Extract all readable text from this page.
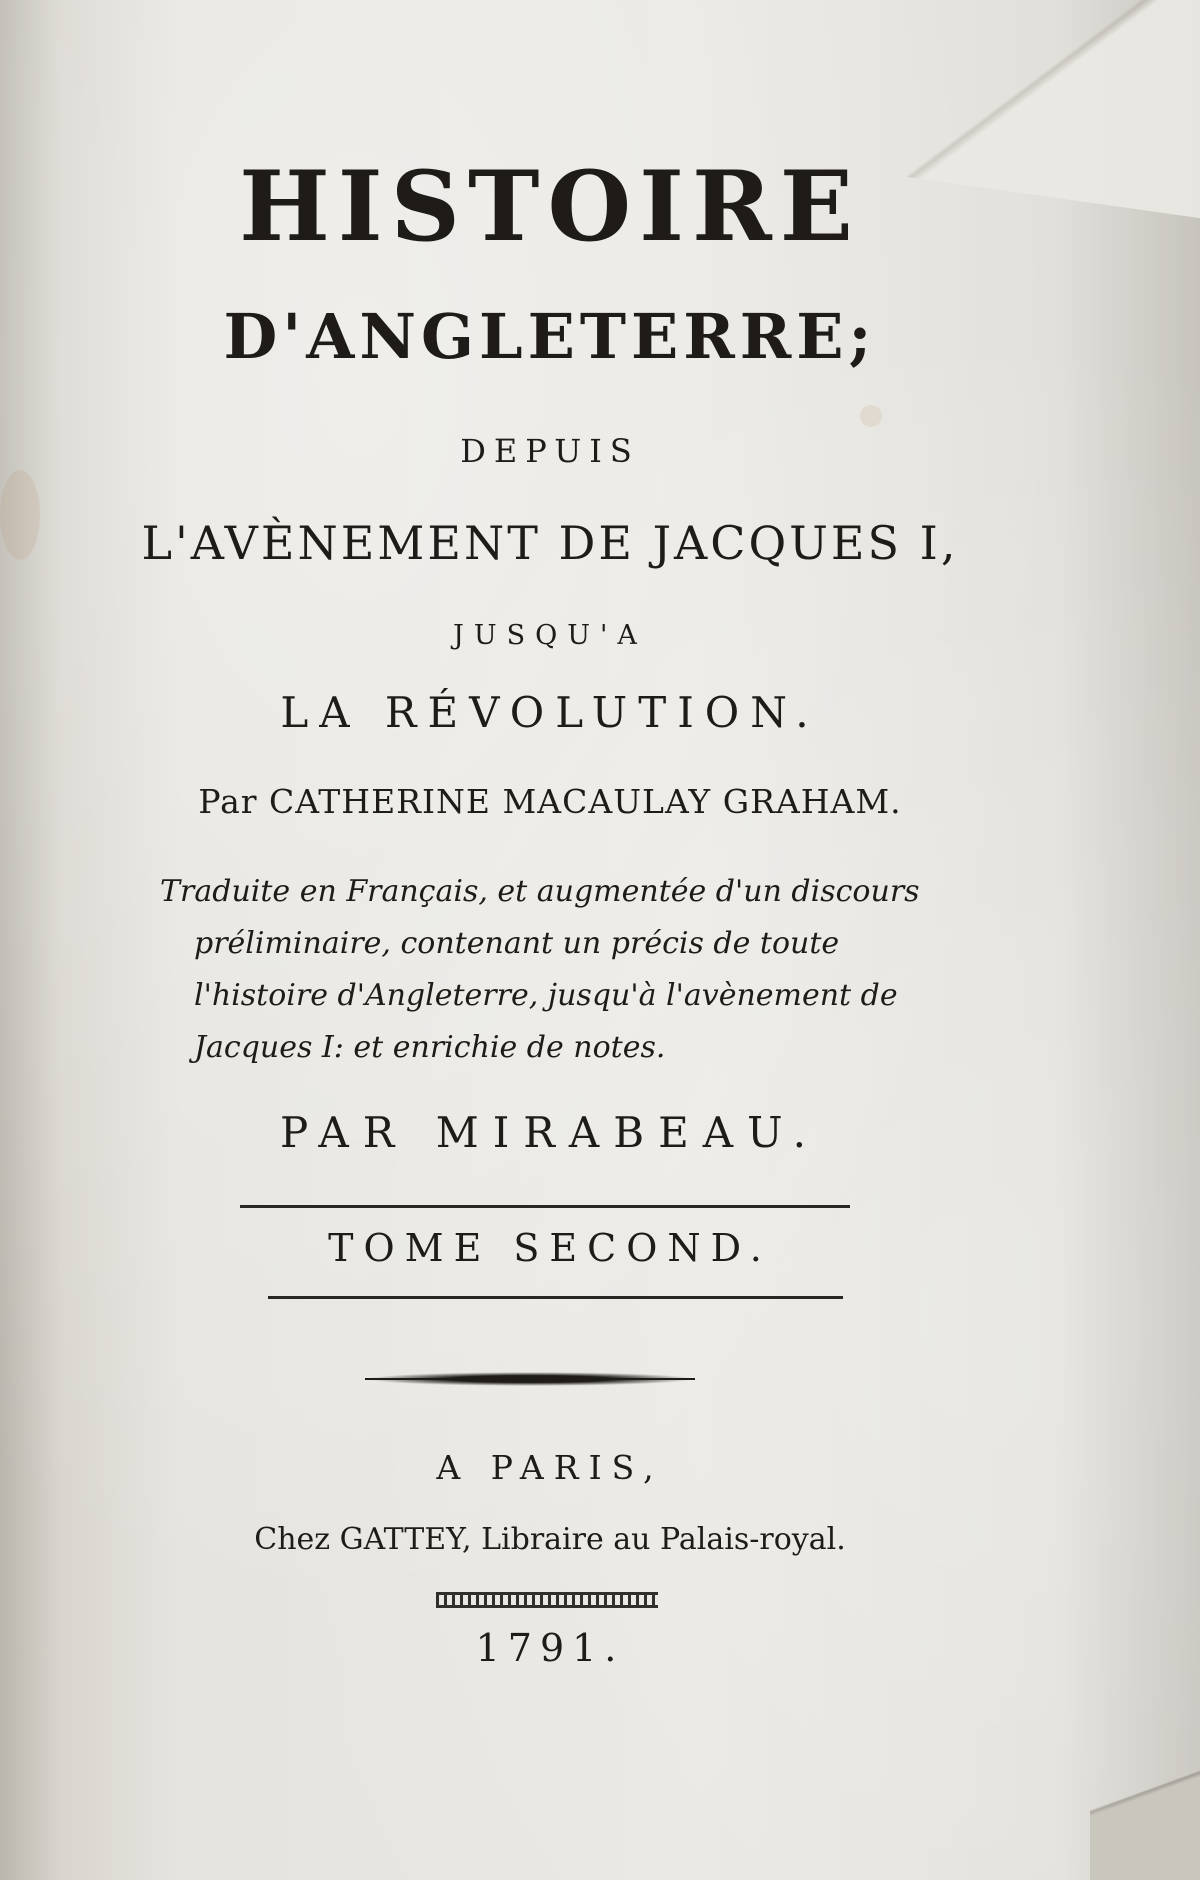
HISTOIRE
D'ANGLETERRE;
DEPUIS
L'AVÈNEMENT DE JACQUES I,
JUSQU'A
LA RÉVOLUTION.
Par CATHERINE MACAULAY GRAHAM.
Traduite en Français, et augmentée d'un discours
préliminaire, contenant un précis de toute
l'histoire d'Angleterre, jusqu'à l'avènement de
Jacques I: et enrichie de notes.
PAR MIRABEAU.
TOME SECOND.
A PARIS,
Chez GATTEY, Libraire au Palais-royal.
1791.
